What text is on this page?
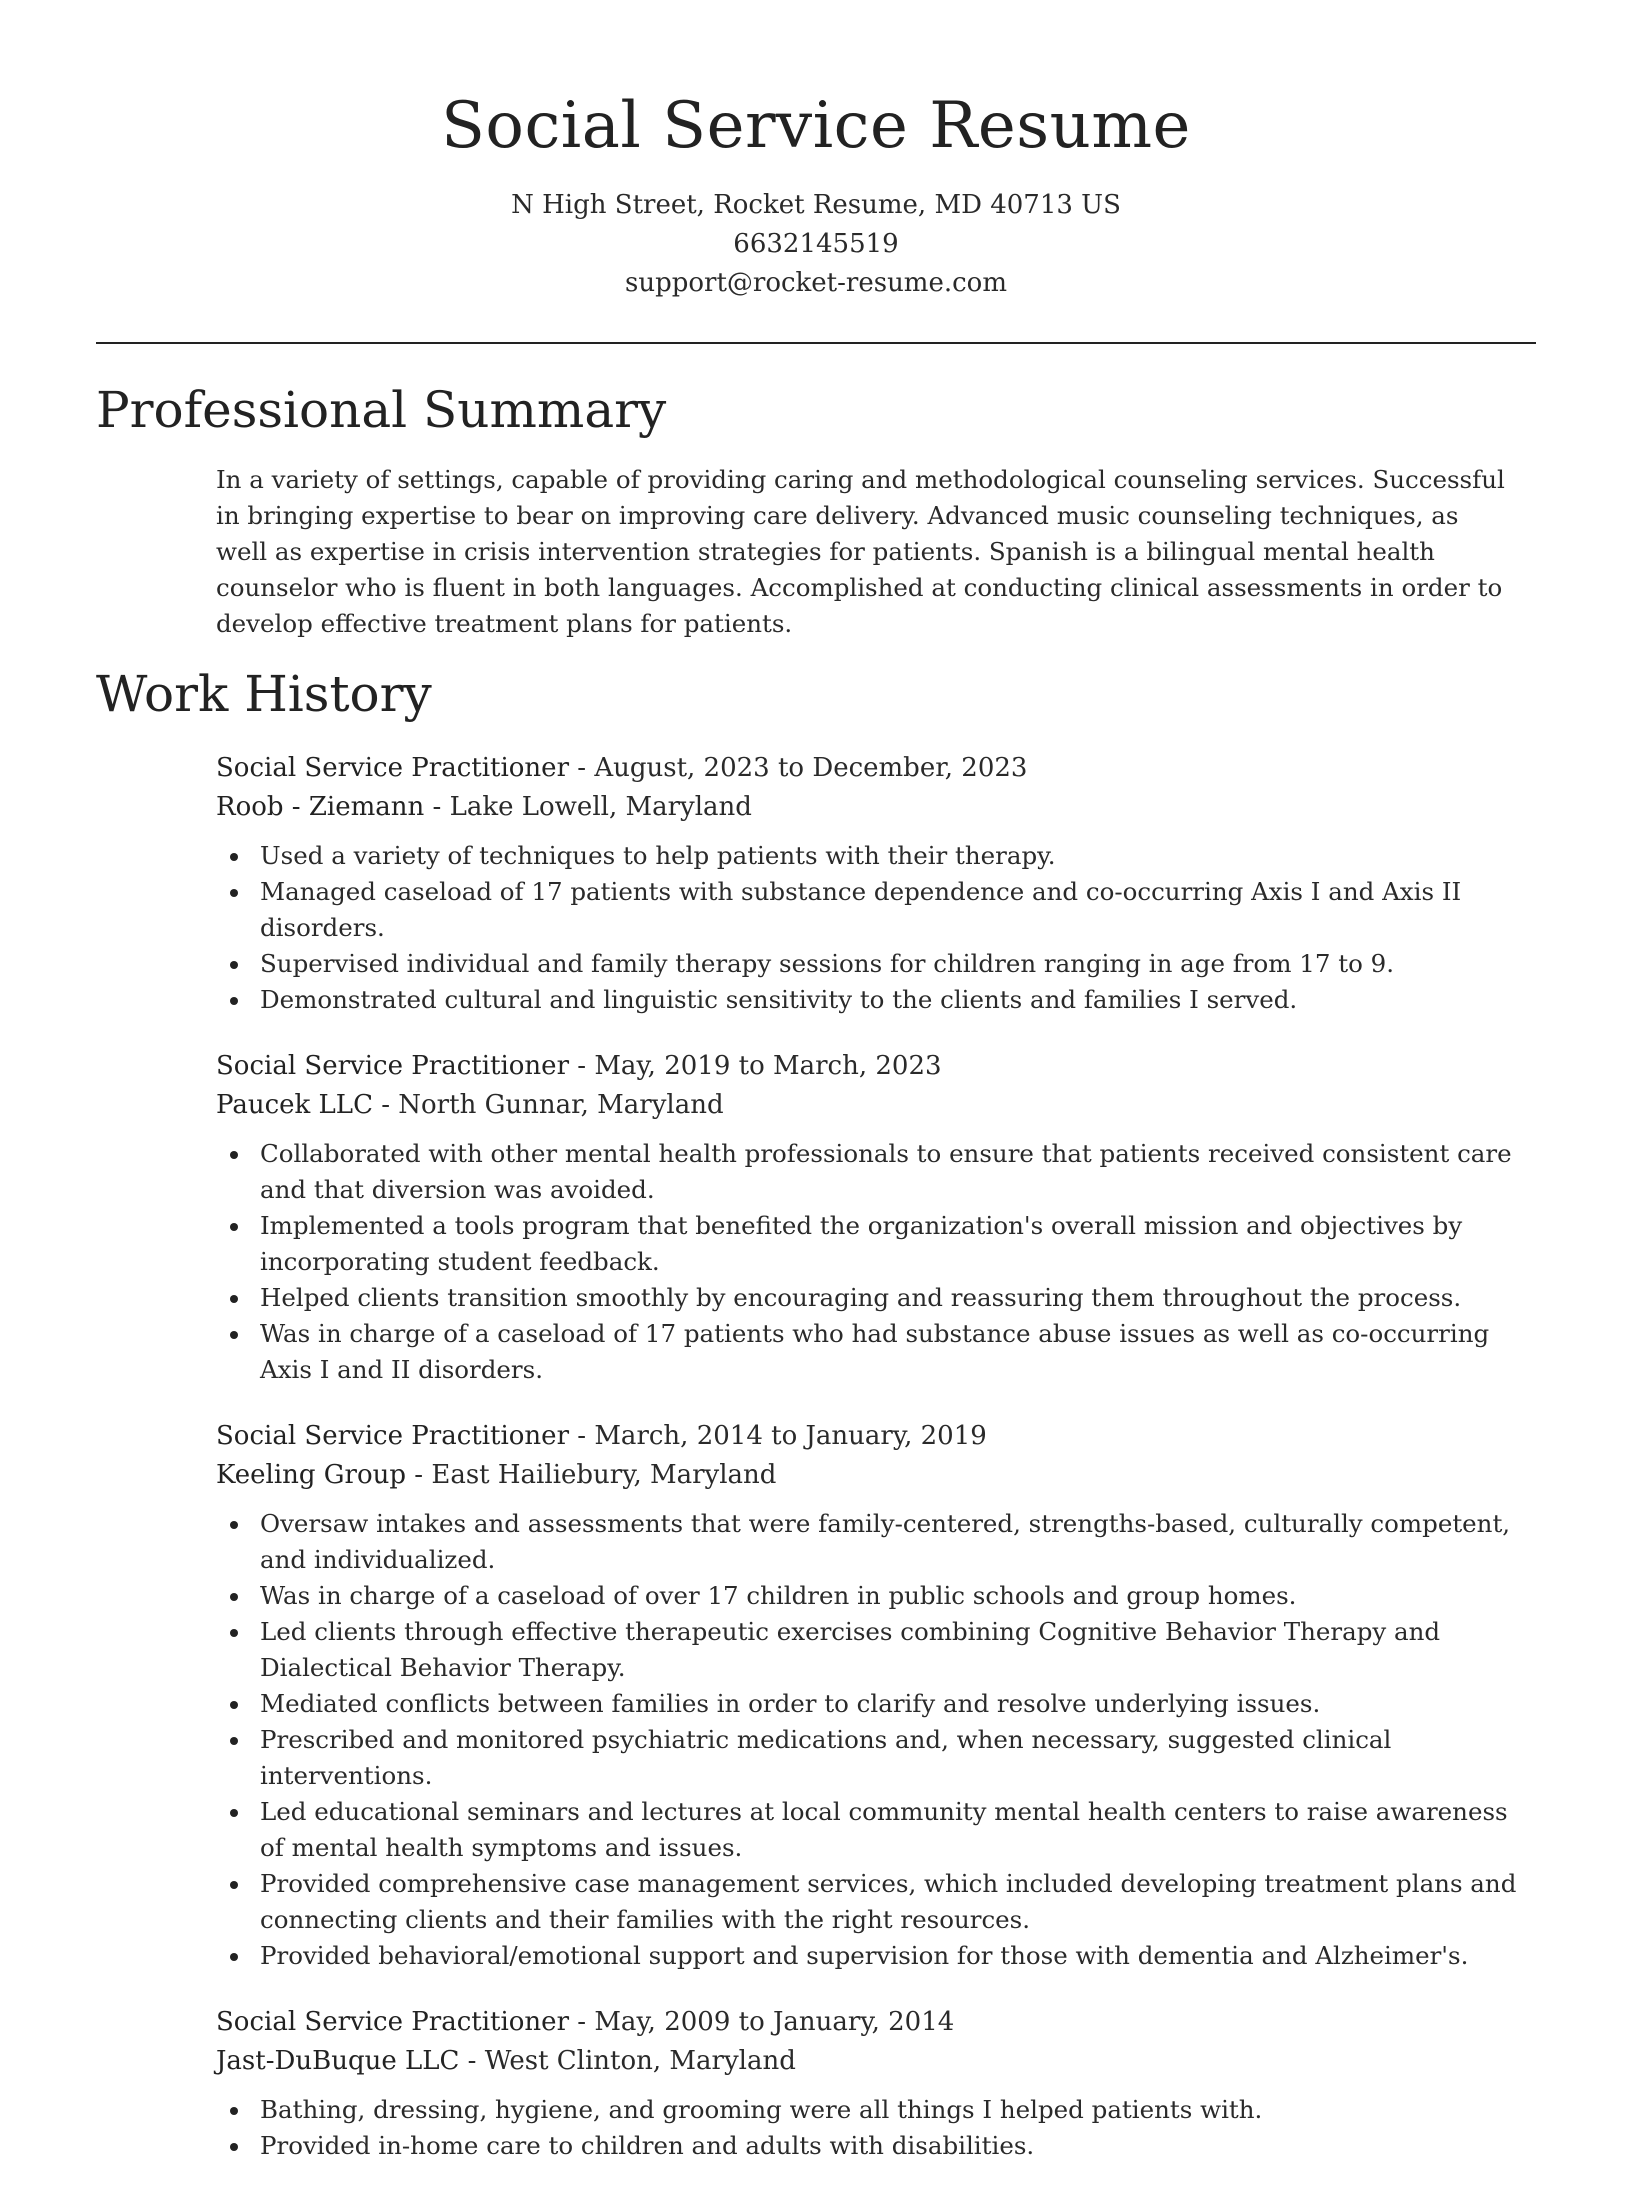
Social Service Resume
N High Street, Rocket Resume, MD 40713 US
6632145519
support@rocket-resume.com
Professional Summary

In a variety of settings, capable of providing caring and methodological counseling services. Successful in bringing expertise to bear on improving care delivery. Advanced music counseling techniques, as well as expertise in crisis intervention strategies for patients. Spanish is a bilingual mental health counselor who is fluent in both languages. Accomplished at conducting clinical assessments in order to develop effective treatment plans for patients.

Work History
Social Service Practitioner - August, 2023 to December, 2023
Roob - Ziemann - Lake Lowell, Maryland
Used a variety of techniques to help patients with their therapy.
Managed caseload of 17 patients with substance dependence and co-occurring Axis I and Axis II disorders.
Supervised individual and family therapy sessions for children ranging in age from 17 to 9.
Demonstrated cultural and linguistic sensitivity to the clients and families I served.
Social Service Practitioner - May, 2019 to March, 2023
Paucek LLC - North Gunnar, Maryland
Collaborated with other mental health professionals to ensure that patients received consistent care and that diversion was avoided.
Implemented a tools program that benefited the organization's overall mission and objectives by incorporating student feedback.
Helped clients transition smoothly by encouraging and reassuring them throughout the process.
Was in charge of a caseload of 17 patients who had substance abuse issues as well as co-occurring Axis I and II disorders.
Social Service Practitioner - March, 2014 to January, 2019
Keeling Group - East Hailiebury, Maryland
Oversaw intakes and assessments that were family-centered, strengths-based, culturally competent, and individualized.
Was in charge of a caseload of over 17 children in public schools and group homes.
Led clients through effective therapeutic exercises combining Cognitive Behavior Therapy and Dialectical Behavior Therapy.
Mediated conflicts between families in order to clarify and resolve underlying issues.
Prescribed and monitored psychiatric medications and, when necessary, suggested clinical interventions.
Led educational seminars and lectures at local community mental health centers to raise awareness of mental health symptoms and issues.
Provided comprehensive case management services, which included developing treatment plans and connecting clients and their families with the right resources.
Provided behavioral/emotional support and supervision for those with dementia and Alzheimer's.
Social Service Practitioner - May, 2009 to January, 2014
Jast-DuBuque LLC - West Clinton, Maryland
Bathing, dressing, hygiene, and grooming were all things I helped patients with.
Provided in-home care to children and adults with disabilities.
